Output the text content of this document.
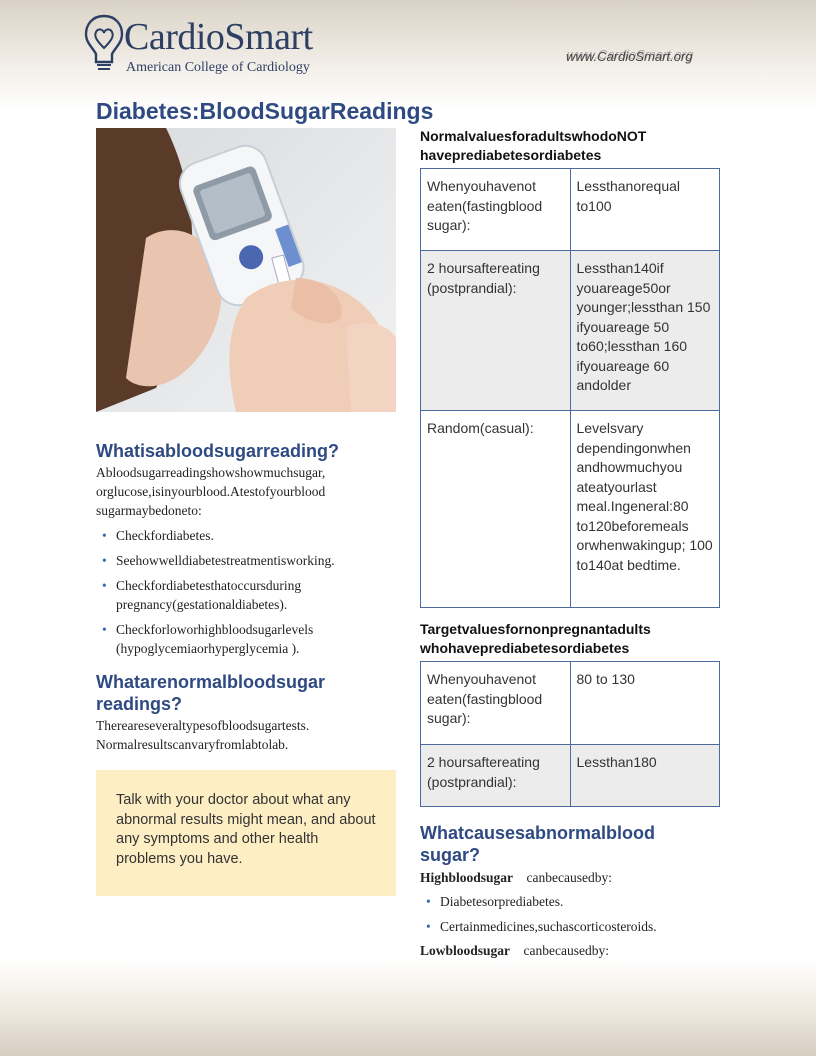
CardioSmart
American College of Cardiology
www.CardioSmart.org
Diabetes:BloodSugarReadings
Whatisabloodsugarreading?

Abloodsugarreadingshowshowmuchsugar, orglucose,isinyourblood.Atestofyourblood sugarmaybedoneto:

• Checkfordiabetes.
• Seehowwelldiabetestreatmentisworking.
• Checkfordiabetesthatoccursduring pregnancy(gestationaldiabetes).
• Checkforlowor​highbloodsugarlevels (hypoglycemiaorhyperglycemia ).
Whatarenormalbloodsugar readings?

Thereareseveraltypesofbloodsugartests. Normalresultscanvaryfromlabtolab.

Talk with your doctor about what any abnormal results might mean, and about any symptoms and other health problems you have.

NormalvaluesforadultswhodoNOT haveprediabetesordiabetes

Whenyouhavenot eaten(fastingblood sugar):	Lessthanorequal to100
2 hoursaftereating (postprandial):	Lessthan140if youareage50or younger;lessthan 150 ifyouareage 50 to60;lessthan 160 ifyouareage 60 andolder
Random(casual):	Levelsvary dependingonwhen andhowmuchyou ateatyourlast meal.Ingeneral:80 to120beforemeals orwhenwakingup; 100 to140at bedtime.

Targetvaluesfornonpregnantadults whohaveprediabetesordiabetes

Whenyouhavenot eaten(fastingblood sugar):	80 to 130
2 hoursaftereating (postprandial):	Lessthan180
Whatcausesabnormalblood sugar?

Highbloodsugar canbecausedby:

• Diabetesorprediabetes.
• Certainmedicines,suchascorticosteroids.

Lowbloodsugar canbecausedby:
